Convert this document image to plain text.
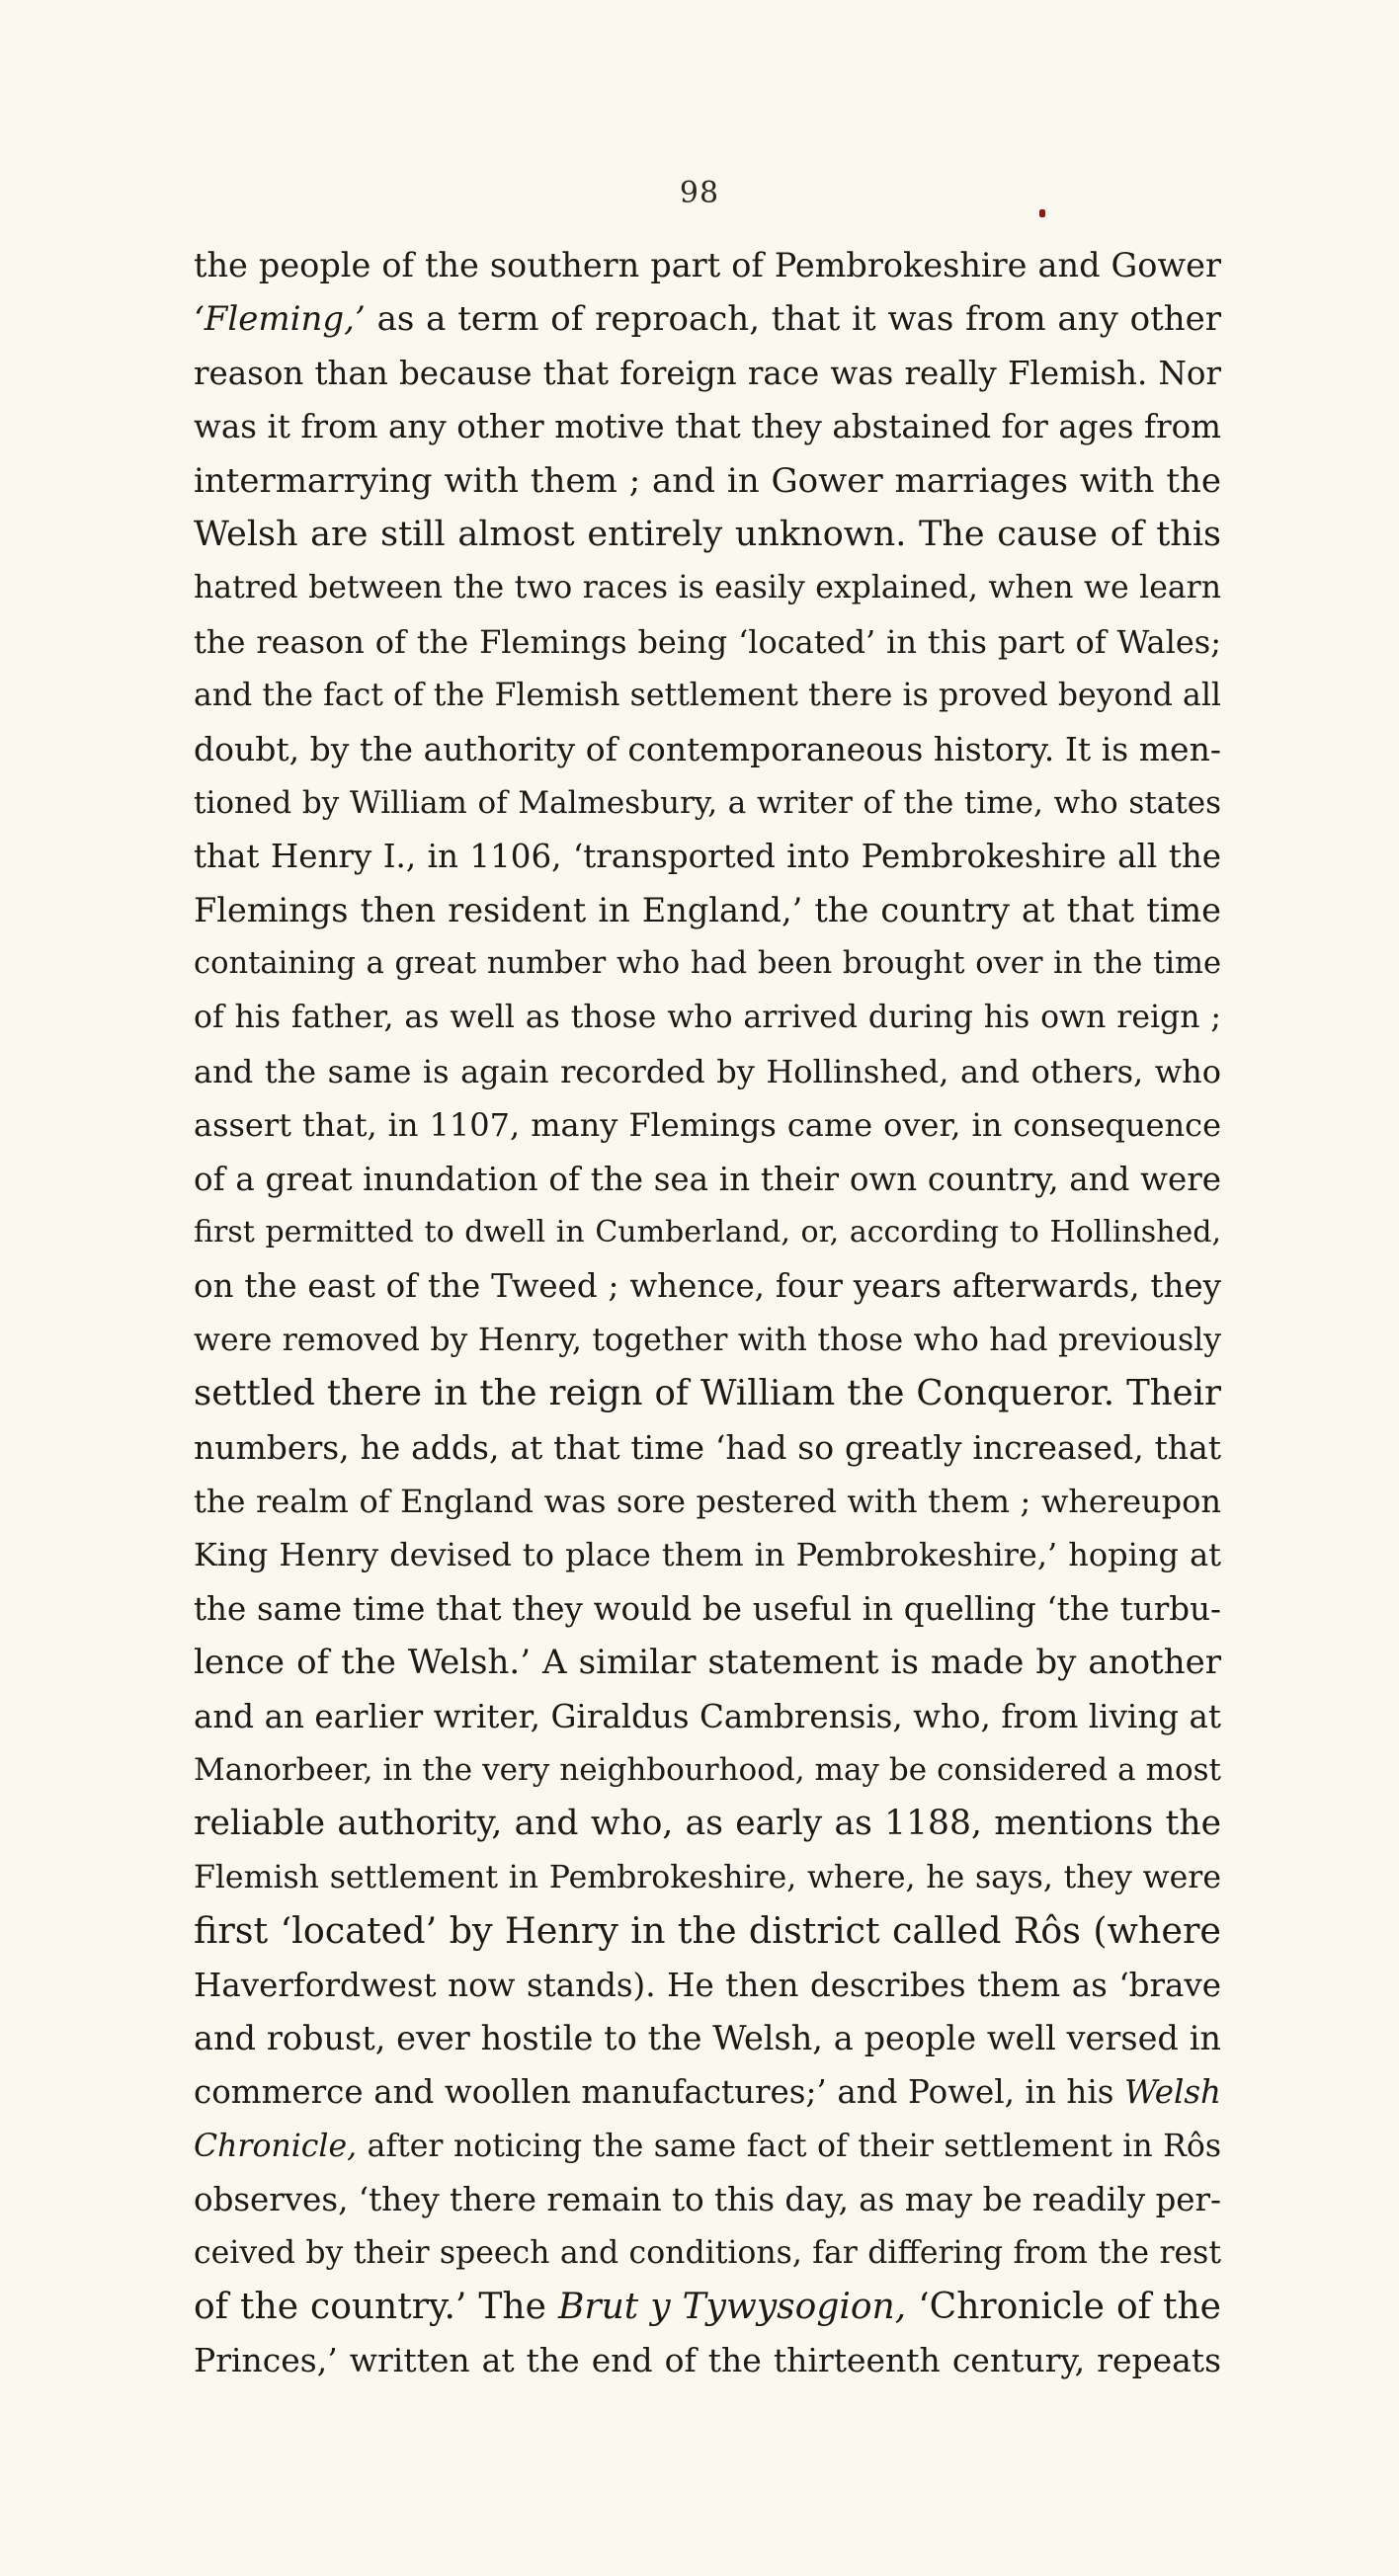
98
the people of the southern part of Pembrokeshire and Gower
‘Fleming,’ as a term of reproach, that it was from any other
reason than because that foreign race was really Flemish. Nor
was it from any other motive that they abstained for ages from
intermarrying with them ; and in Gower marriages with the
Welsh are still almost entirely unknown. The cause of this
hatred between the two races is easily explained, when we learn
the reason of the Flemings being ‘located’ in this part of Wales;
and the fact of the Flemish settlement there is proved beyond all
doubt, by the authority of contemporaneous history. It is men-
tioned by William of Malmesbury, a writer of the time, who states
that Henry I., in 1106, ‘transported into Pembrokeshire all the
Flemings then resident in England,’ the country at that time
containing a great number who had been brought over in the time
of his father, as well as those who arrived during his own reign ;
and the same is again recorded by Hollinshed, and others, who
assert that, in 1107, many Flemings came over, in consequence
of a great inundation of the sea in their own country, and were
first permitted to dwell in Cumberland, or, according to Hollinshed,
on the east of the Tweed ; whence, four years afterwards, they
were removed by Henry, together with those who had previously
settled there in the reign of William the Conqueror. Their
numbers, he adds, at that time ‘had so greatly increased, that
the realm of England was sore pestered with them ; whereupon
King Henry devised to place them in Pembrokeshire,’ hoping at
the same time that they would be useful in quelling ‘the turbu-
lence of the Welsh.’ A similar statement is made by another
and an earlier writer, Giraldus Cambrensis, who, from living at
Manorbeer, in the very neighbourhood, may be considered a most
reliable authority, and who, as early as 1188, mentions the
Flemish settlement in Pembrokeshire, where, he says, they were
first ‘located’ by Henry in the district called Rôs (where
Haverfordwest now stands). He then describes them as ‘brave
and robust, ever hostile to the Welsh, a people well versed in
commerce and woollen manufactures;’ and Powel, in his Welsh
Chronicle, after noticing the same fact of their settlement in Rôs
observes, ‘they there remain to this day, as may be readily per-
ceived by their speech and conditions, far differing from the rest
of the country.’ The Brut y Tywysogion, ‘Chronicle of the
Princes,’ written at the end of the thirteenth century, repeats
